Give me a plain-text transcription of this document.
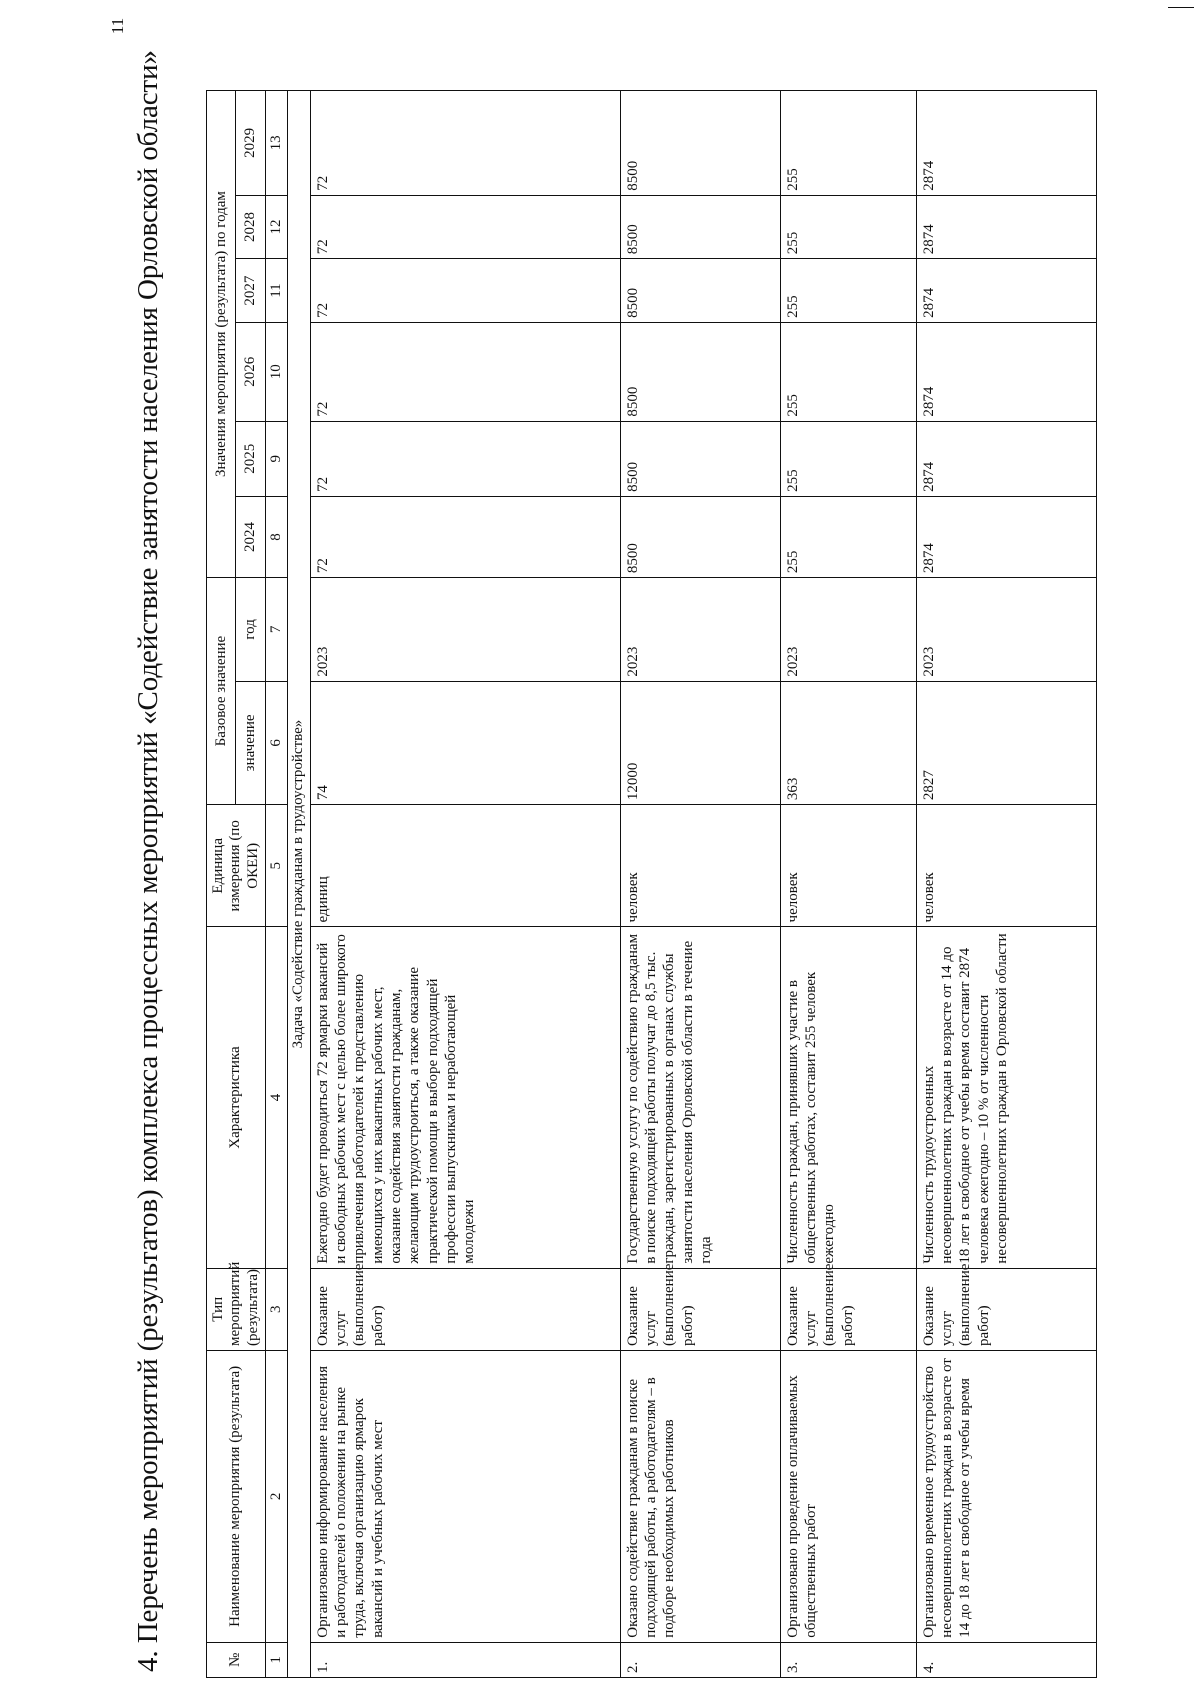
11
4. Перечень мероприятий (результатов) комплекса процессных мероприятий «Содействие занятости населения Орловской области»	№	Наименование мероприятия (результата)	Тип мероприятий (результата)	Характеристика	Единица измерения (по ОКЕИ)	Базовое значение		Значения мероприятия (результата) по годам					
					значение	год	2024	2025	2026	2027	2028	2029
1	2	3	4	5	6	7	8	9	10	11	12	13
Задача «Содействие гражданам в трудоустройстве»												
1.	Организовано информирование населения и работодателей о положении на рынке труда, включая организацию ярмарок вакансий и учебных рабочих мест	Оказание услуг (выполнение работ)	Ежегодно будет проводиться 72 ярмарки вакансий и свободных рабочих мест с целью более широкого привлечения работодателей к представлению имеющихся у них вакантных рабочих мест, оказание содействия занятости гражданам, желающим трудоустроиться, а также оказание практической помощи в выборе подходящей профессии выпускникам и неработающей молодежи	единиц	74	2023	72	72	72	72	72	72
2.	Оказано содействие гражданам в поиске подходящей работы, а работодателям – в подборе необходимых работников	Оказание услуг (выполнение работ)	Государственную услугу по содействию гражданам в поиске подходящей работы получат до 8,5 тыс. граждан, зарегистрированных в органах службы занятости населения Орловской области в течение года	человек	12000	2023	8500	8500	8500	8500	8500	8500
3.	Организовано проведение оплачиваемых общественных работ	Оказание услуг (выполнение работ)	Численность граждан, принявших участие в общественных работах, составит 255 человек ежегодно	человек	363	2023	255	255	255	255	255	255
4.	Организовано временное трудоустройство несовершеннолетних граждан в возрасте от 14 до 18 лет в свободное от учебы время	Оказание услуг (выполнение работ)	Численность трудоустроенных несовершеннолетних граждан в возрасте от 14 до 18 лет в свободное от учебы время составит 2874 человека ежегодно – 10 % от численности несовершеннолетних граждан в Орловской области	человек	2827	2023	2874	2874	2874	2874	2874	2874
